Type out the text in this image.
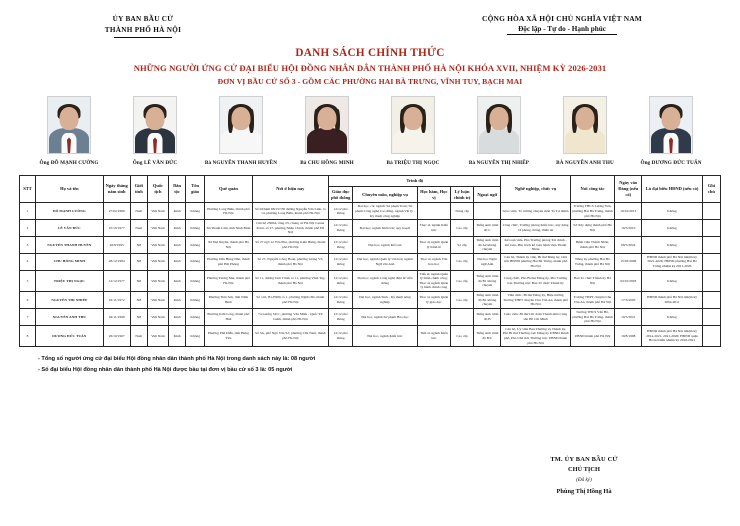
ỦY BAN BẦU CỬ
THÀNH PHỐ HÀ NỘI
CỘNG HÒA XÃ HỘI CHỦ NGHĨA VIỆT NAM
Độc lập - Tự do - Hạnh phúc
DANH SÁCH CHÍNH THỨC
NHỮNG NGƯỜI ỨNG CỬ ĐẠI BIỂU HỘI ĐỒNG NHÂN DÂN THÀNH PHỐ HÀ NỘI KHÓA XVII, NHIỆM KỲ 2026-2031
ĐƠN VỊ BẦU CỬ SỐ 3 - GỒM CÁC PHƯỜNG HAI BÀ TRƯNG, VĨNH TUY, BẠCH MAI
Ông ĐỖ MẠNH CƯỜNG	Ông LÊ VĂN ĐỨC	Bà NGUYỄN THANH HUYỀN	Bà CHU HỒNG MINH	Bà TRIỆU THỊ NGỌC	Bà NGUYỄN THỊ NHIẾP	BÀ NGUYỄN ANH THU	Ông DƯƠNG ĐỨC TUẤN
STT	Họ và tên	Ngày tháng năm sinh	Giới tính	Quốc tịch	Dân tộc	Tôn giáo	Quê quán	Nơi ở hiện nay	Trình độ					Nghề nghiệp, chức vụ	Nơi công tác	Ngày vào Đảng (nếu có)	Là đại biểu HĐND (nếu có)	Ghi chú
									Giáo dục phổ thông	Chuyên môn, nghiệp vụ	Học hàm, Học vị	Lý luận chính trị	Ngoại ngữ					
1	ĐỖ MẠNH CƯỜNG	27/02/1980	Nam	Việt Nam	Kinh	Không	Phường Long Biên, thành phố Hà Nội	Số 02/hẻm 68/157/30 đường Nguyễn Văn Linh, tổ 14, phường Long Biên, thành phố Hà Nội	12/12 phổ thông	Đại học, các ngành: Sư phạm Toán; Sư phạm Công nghệ Cao đẳng, ngành Vật lý - Kỹ thuật công nghiệp		Trung cấp		Giáo viên, Tổ trưởng chuyên môn Tổ Tự nhiên	Trường THCS Lương Yên, phường Hai Bà Trưng, thành phố Hà Nội	10/10/2013	Không	
2	LÊ VĂN ĐỨC	25/10/1977	Nam	Việt Nam	Kinh	Không	Xã Thanh Lâm, tỉnh Ninh Bình	Căn hộ 2308A, tầng 23, chung cư Hà Nội Center Point, số 27, phường Nhân Chính, thành phố Hà Nội	12/12 phổ thông	Đại học, ngành Kiến trúc quy hoạch	Thạc sĩ, ngành Kiến trúc	Cao cấp	Tiếng Anh trình độ C	Công chức, Trưởng phòng Kiến trúc, xây dựng và phòng chống, thiên tai	Sở Xây dựng thành phố Hà Nội	19/5/2010	Không	
3	NGUYỄN THANH HUYỀN	26/8/1995	Nữ	Việt Nam	Kinh	Không	Xã Đại Xuyên, thành phố Hà Nội	Số 27 ngõ 12 Yên Phụ, phường Kiến Hưng, thành phố Hà Nội	12/12 phổ thông	Đại học, ngành Kế toán	Thạc sĩ, ngành Quản lý Kinh tế	Sơ cấp	Tiếng Anh trình độ A2 không chuyên	Kế toán viên, Phó Trưởng phòng Tài chính - Kế toán, Phụ trách kế toán bệnh viện Thanh Nhàn	Bệnh viện Thanh Nhàn, thành phố Hà Nội	08/5/2024	Không	
4	CHU HỒNG MINH	28/12/1984	Nữ	Việt Nam	Kinh	Không	Phường Dân Hùng Dân, thành phố Hải Phòng	Số 27, Nguyễn Công Hoan, phường Giảng Võ, thành phố Hà Nội	12/12 phổ thông	Đại học, ngành Quản lý văn hóa; ngành Ngữ văn Anh	Thạc sĩ, ngành Văn hóa học	Cao cấp	Đại học Ngôn ngữ Anh	Cán bộ, Thành ủy viên, Bí thư Đảng ủy, Chủ tịch HĐND phường Hai Bà Trưng, thành phố Hà Nội	Đảng ủy phường Hai Bà Trưng, thành phố Hà Nội	15/02/2006	HĐND thành phố Hà Nội nhiệm kỳ 2021-2026; HĐND phường Hai Bà Trưng nhiệm kỳ 2021-2026	
5	TRIỆU THỊ NGỌC	12/12/1977	Nữ	Việt Nam	Kinh	Không	Phường Tương Mai, thành phố Hà Nội	Số 11, đường Tam Trinh, tổ 11, phường Vĩnh Tuy, thành phố Hà Nội	12/12 phổ thông	Đại học, ngành Công nghệ điện tử viễn thông	Tiến sĩ, ngành Quản lý hành chính công; Thạc sĩ, ngành Quản lý hành chính công	Cao cấp	Tiếng Anh trình độ B1 không chuyên	Công chức, Phó Bí thư Đảng ủy, Phó Trưởng ban Thường trực Ban Tổ chức Thành ủy	Ban Tổ chức Thành ủy Hà Nội	03/10/2003	Không	
6	NGUYỄN THỊ NHIẾP	22/11/1972	Nữ	Việt Nam	Kinh	Không	Phường Tiên Sơn, tỉnh Ninh Bình	Số 142, B1-E900, tổ 1, phường Nghĩa Đô, thành phố Hà Nội	12/12 phổ thông	Đại học, ngành Sinh - Kỹ thuật nông nghiệp	Thạc sĩ, ngành Quản lý giáo dục	Cao cấp	Tiếng Anh trình độ B1 không chuyên	Viên chức, Bí thư Đảng ủy, Hiệu trưởng Trường THPT chuyên Chu Văn An, thành phố Hà Nội	Trường THPT chuyên Chu Văn An, thành phố Hà Nội	17/3/2005	HĐND thành phố Hà Nội nhiệm kỳ 2004-2011	
7	NGUYỄN ANH THU	04/11/1999	Nữ	Việt Nam	Kinh	Không	Phường Kim Long, thành phố Huế	74 Lương Sử C, phường Văn Miếu - Quốc Tử Giám, thành phố Hà Nội	12/12 phổ thông	Đại học, ngành Sư phạm Hóa học			Tiếng Anh trình độ B	Giáo viên, Bí thư Chi đoàn Thanh niên Cộng sản Hồ Chí Minh	Trường THCS Vân Hồ, phường Hai Bà Trưng, thành phố Hà Nội	19/5/2021	Không	
8	DƯƠNG ĐỨC TUẤN	26/10/1967	Nam	Việt Nam	Kinh	Không	Phường Phủ Diễn, tỉnh Hưng Yên	Số 3A, phố Ngô Văn Sở, phường Cửa Nam, thành phố Hà Nội	12/12 phổ thông	Đại học, ngành Kiến trúc	Tiến sĩ, ngành Kiến trúc	Cao cấp	Tiếng Anh trình độ B/C	Cán bộ, Ủy viên Ban Thường vụ Thành ủy, Phó Bí thư Thường trực Đảng ủy UBND thành phố, Phó Chủ tịch Thường trực UBND thành phố Hà Nội	UBND thành phố Hà Nội	19/8/1998	HĐND thành phố Hà Nội nhiệm kỳ 2014-2021, 2021-2026; HĐND quận Hoàn Kiếm nhiệm kỳ 2016-2021	
- Tổng số người ứng cử đại biểu Hội đồng nhân dân thành phố Hà Nội trong danh sách này là: 08 người
- Số đại biểu Hội đồng nhân dân thành phố Hà Nội được bầu tại đơn vị bầu cử số 3 là: 05 người
TM. ỦY BAN BẦU CỬ
CHỦ TỊCH
(Đã ký)
Phùng Thị Hồng Hà
